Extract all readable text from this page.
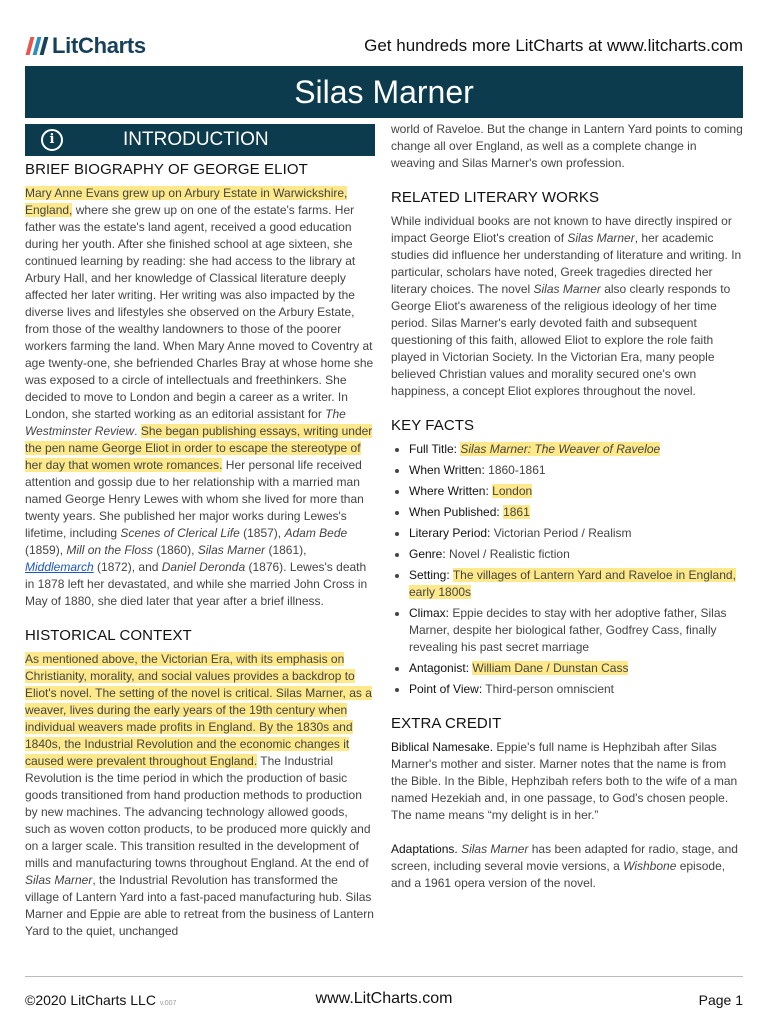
LitCharts	Get hundreds more LitCharts at www.litcharts.com
Silas Marner
i	INTRODUCTION
BRIEF BIOGRAPHY OF GEORGE ELIOT

Mary Anne Evans grew up on Arbury Estate in Warwickshire, England, where she grew up on one of the estate's farms. Her father was the estate's land agent, received a good education during her youth. After she finished school at age sixteen, she continued learning by reading: she had access to the library at Arbury Hall, and her knowledge of Classical literature deeply affected her later writing. Her writing was also impacted by the diverse lives and lifestyles she observed on the Arbury Estate, from those of the wealthy landowners to those of the poorer workers farming the land. When Mary Anne moved to Coventry at age twenty-one, she befriended Charles Bray at whose home she was exposed to a circle of intellectuals and freethinkers. She decided to move to London and begin a career as a writer. In London, she started working as an editorial assistant for The Westminster Review. She began publishing essays, writing under the pen name George Eliot in order to escape the stereotype of her day that women wrote romances. Her personal life received attention and gossip due to her relationship with a married man named George Henry Lewes with whom she lived for more than twenty years. She published her major works during Lewes's lifetime, including Scenes of Clerical Life (1857), Adam Bede (1859), Mill on the Floss (1860), Silas Marner (1861), Middlemarch (1872), and Daniel Deronda (1876). Lewes's death in 1878 left her devastated, and while she married John Cross in May of 1880, she died later that year after a brief illness.

HISTORICAL CONTEXT

As mentioned above, the Victorian Era, with its emphasis on Christianity, morality, and social values provides a backdrop to Eliot's novel. The setting of the novel is critical. Silas Marner, as a weaver, lives during the early years of the 19th century when individual weavers made profits in England. By the 1830s and 1840s, the Industrial Revolution and the economic changes it caused were prevalent throughout England. The Industrial Revolution is the time period in which the production of basic goods transitioned from hand production methods to production by new machines. The advancing technology allowed goods, such as woven cotton products, to be produced more quickly and on a larger scale. This transition resulted in the development of mills and manufacturing towns throughout England. At the end of Silas Marner, the Industrial Revolution has transformed the village of Lantern Yard into a fast-paced manufacturing hub. Silas Marner and Eppie are able to retreat from the business of Lantern Yard to the quiet, unchanged

world of Raveloe. But the change in Lantern Yard points to coming change all over England, as well as a complete change in weaving and Silas Marner's own profession.

RELATED LITERARY WORKS

While individual books are not known to have directly inspired or impact George Eliot's creation of Silas Marner, her academic studies did influence her understanding of literature and writing. In particular, scholars have noted, Greek tragedies directed her literary choices. The novel Silas Marner also clearly responds to George Eliot's awareness of the religious ideology of her time period. Silas Marner's early devoted faith and subsequent questioning of this faith, allowed Eliot to explore the role faith played in Victorian Society. In the Victorian Era, many people believed Christian values and morality secured one's own happiness, a concept Eliot explores throughout the novel.

KEY FACTS
• Full Title: Silas Marner: The Weaver of Raveloe
• When Written: 1860-1861
• Where Written: London
• When Published: 1861
• Literary Period: Victorian Period / Realism
• Genre: Novel / Realistic fiction
• Setting: The villages of Lantern Yard and Raveloe in England, early 1800s
• Climax: Eppie decides to stay with her adoptive father, Silas Marner, despite her biological father, Godfrey Cass, finally revealing his past secret marriage
• Antagonist: William Dane / Dunstan Cass
• Point of View: Third-person omniscient
EXTRA CREDIT

Biblical Namesake. Eppie's full name is Hephzibah after Silas Marner's mother and sister. Marner notes that the name is from the Bible. In the Bible, Hephzibah refers both to the wife of a man named Hezekiah and, in one passage, to God's chosen people. The name means “my delight is in her.”

Adaptations. Silas Marner has been adapted for radio, stage, and screen, including several movie versions, a Wishbone episode, and a 1961 opera version of the novel.

©2020 LitCharts LLC v.007	www.LitCharts.com	Page 1
